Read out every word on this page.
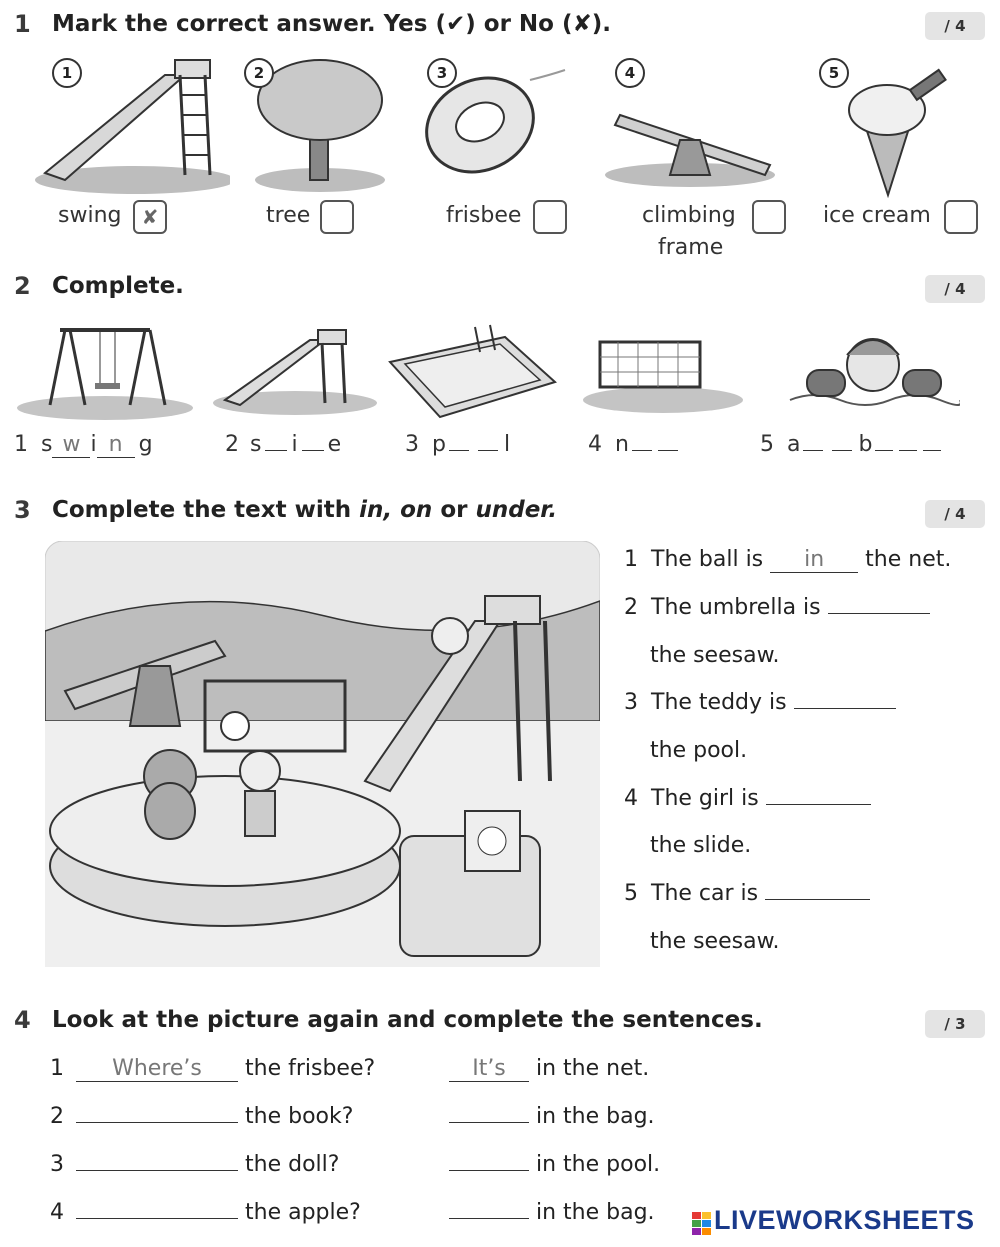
1 Mark the correct answer. Yes (✔) or No (✘).	/ 4
1	2	3	4	5
swing	✘	tree	frisbee	climbing
frame
ice cream
2 Complete.	/ 4
1 s w i n g	2 s i e	3 p	l	4 n	5 a	b
3 Complete the text with in, on or under.	/ 4
1 The ball is in the net.
2 The umbrella is
the seesaw.
3 The teddy is
the pool.
4 The girl is
the slide.
5 The car is
the seesaw.
4 Look at the picture again and complete the sentences.	/ 3
1 Where’s the frisbee?	It’s in the net.
2	the book?	in the bag.
3	the doll?	in the pool.
4	the apple?	in the bag. LIVEWORKSHEETS
